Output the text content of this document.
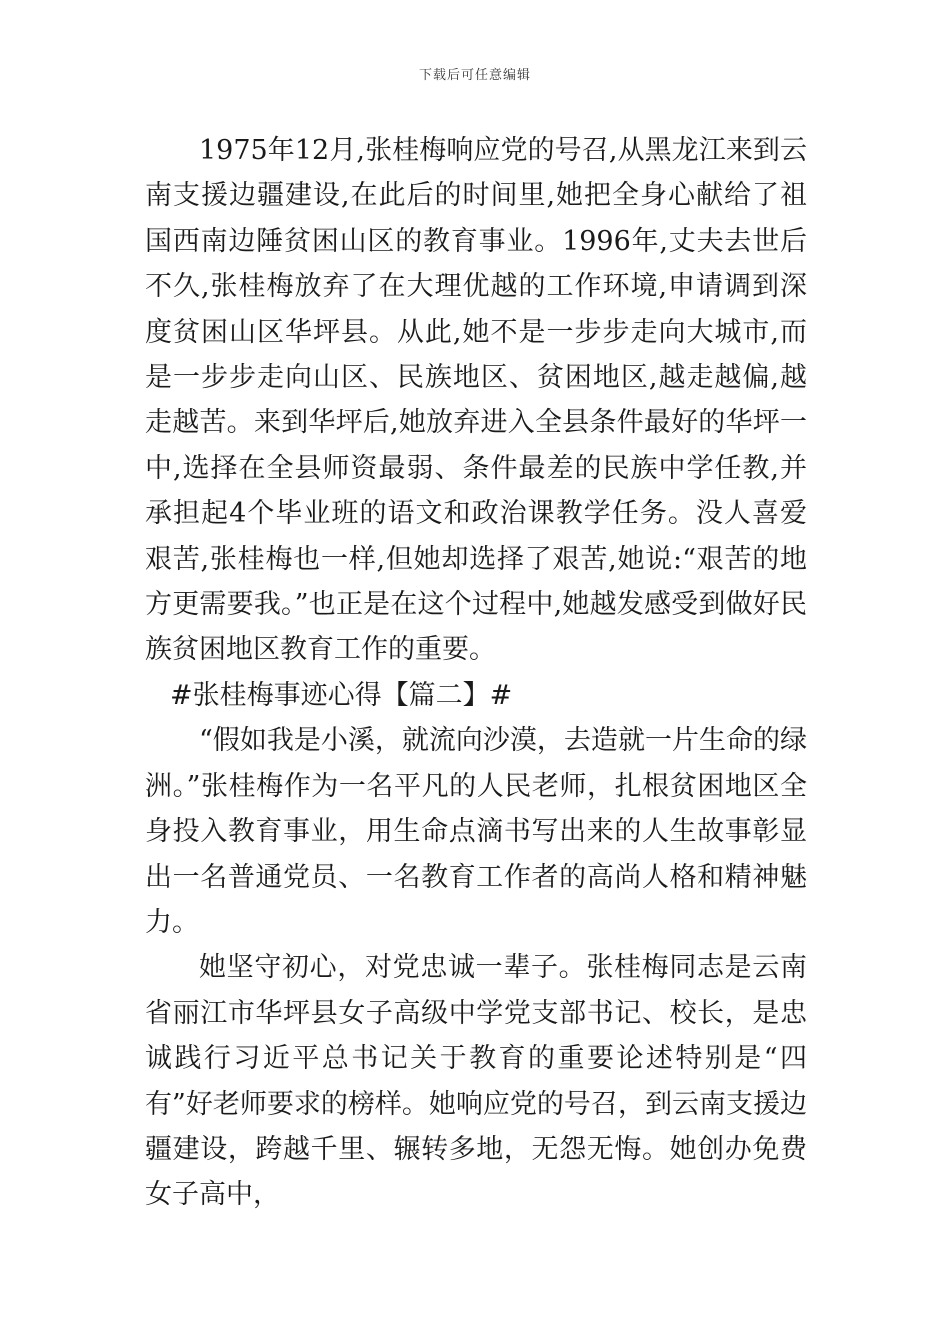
下载后可任意编辑

1975年12月,张桂梅响应党的号召,从黑龙江来到云南支援边疆建设,在此后的时间里,她把全身心献给了祖国西南边陲贫困山区的教育事业。1996年,丈夫去世后不久,张桂梅放弃了在大理优越的工作环境,申请调到深度贫困山区华坪县。从此,她不是一步步走向大城市,而是一步步走向山区、民族地区、贫困地区,越走越偏,越走越苦。来到华坪后,她放弃进入全县条件最好的华坪一中,选择在全县师资最弱、条件最差的民族中学任教,并承担起4个毕业班的语文和政治课教学任务。没人喜爱艰苦,张桂梅也一样,但她却选择了艰苦,她说:“艰苦的地方更需要我。”也正是在这个过程中,她越发感受到做好民族贫困地区教育工作的重要。

#张桂梅事迹心得【篇二】#

“假如我是小溪，就流向沙漠，去造就一片生命的绿洲。”张桂梅作为一名平凡的人民老师，扎根贫困地区全身投入教育事业，用生命点滴书写出来的人生故事彰显出一名普通党员、一名教育工作者的高尚人格和精神魅力。

她坚守初心，对党忠诚一辈子。张桂梅同志是云南省丽江市华坪县女子高级中学党支部书记、校长，是忠诚践行习近平总书记关于教育的重要论述特别是“四有”好老师要求的榜样。她响应党的号召，到云南支援边疆建设，跨越千里、辗转多地，无怨无悔。她创办免费女子高中，
